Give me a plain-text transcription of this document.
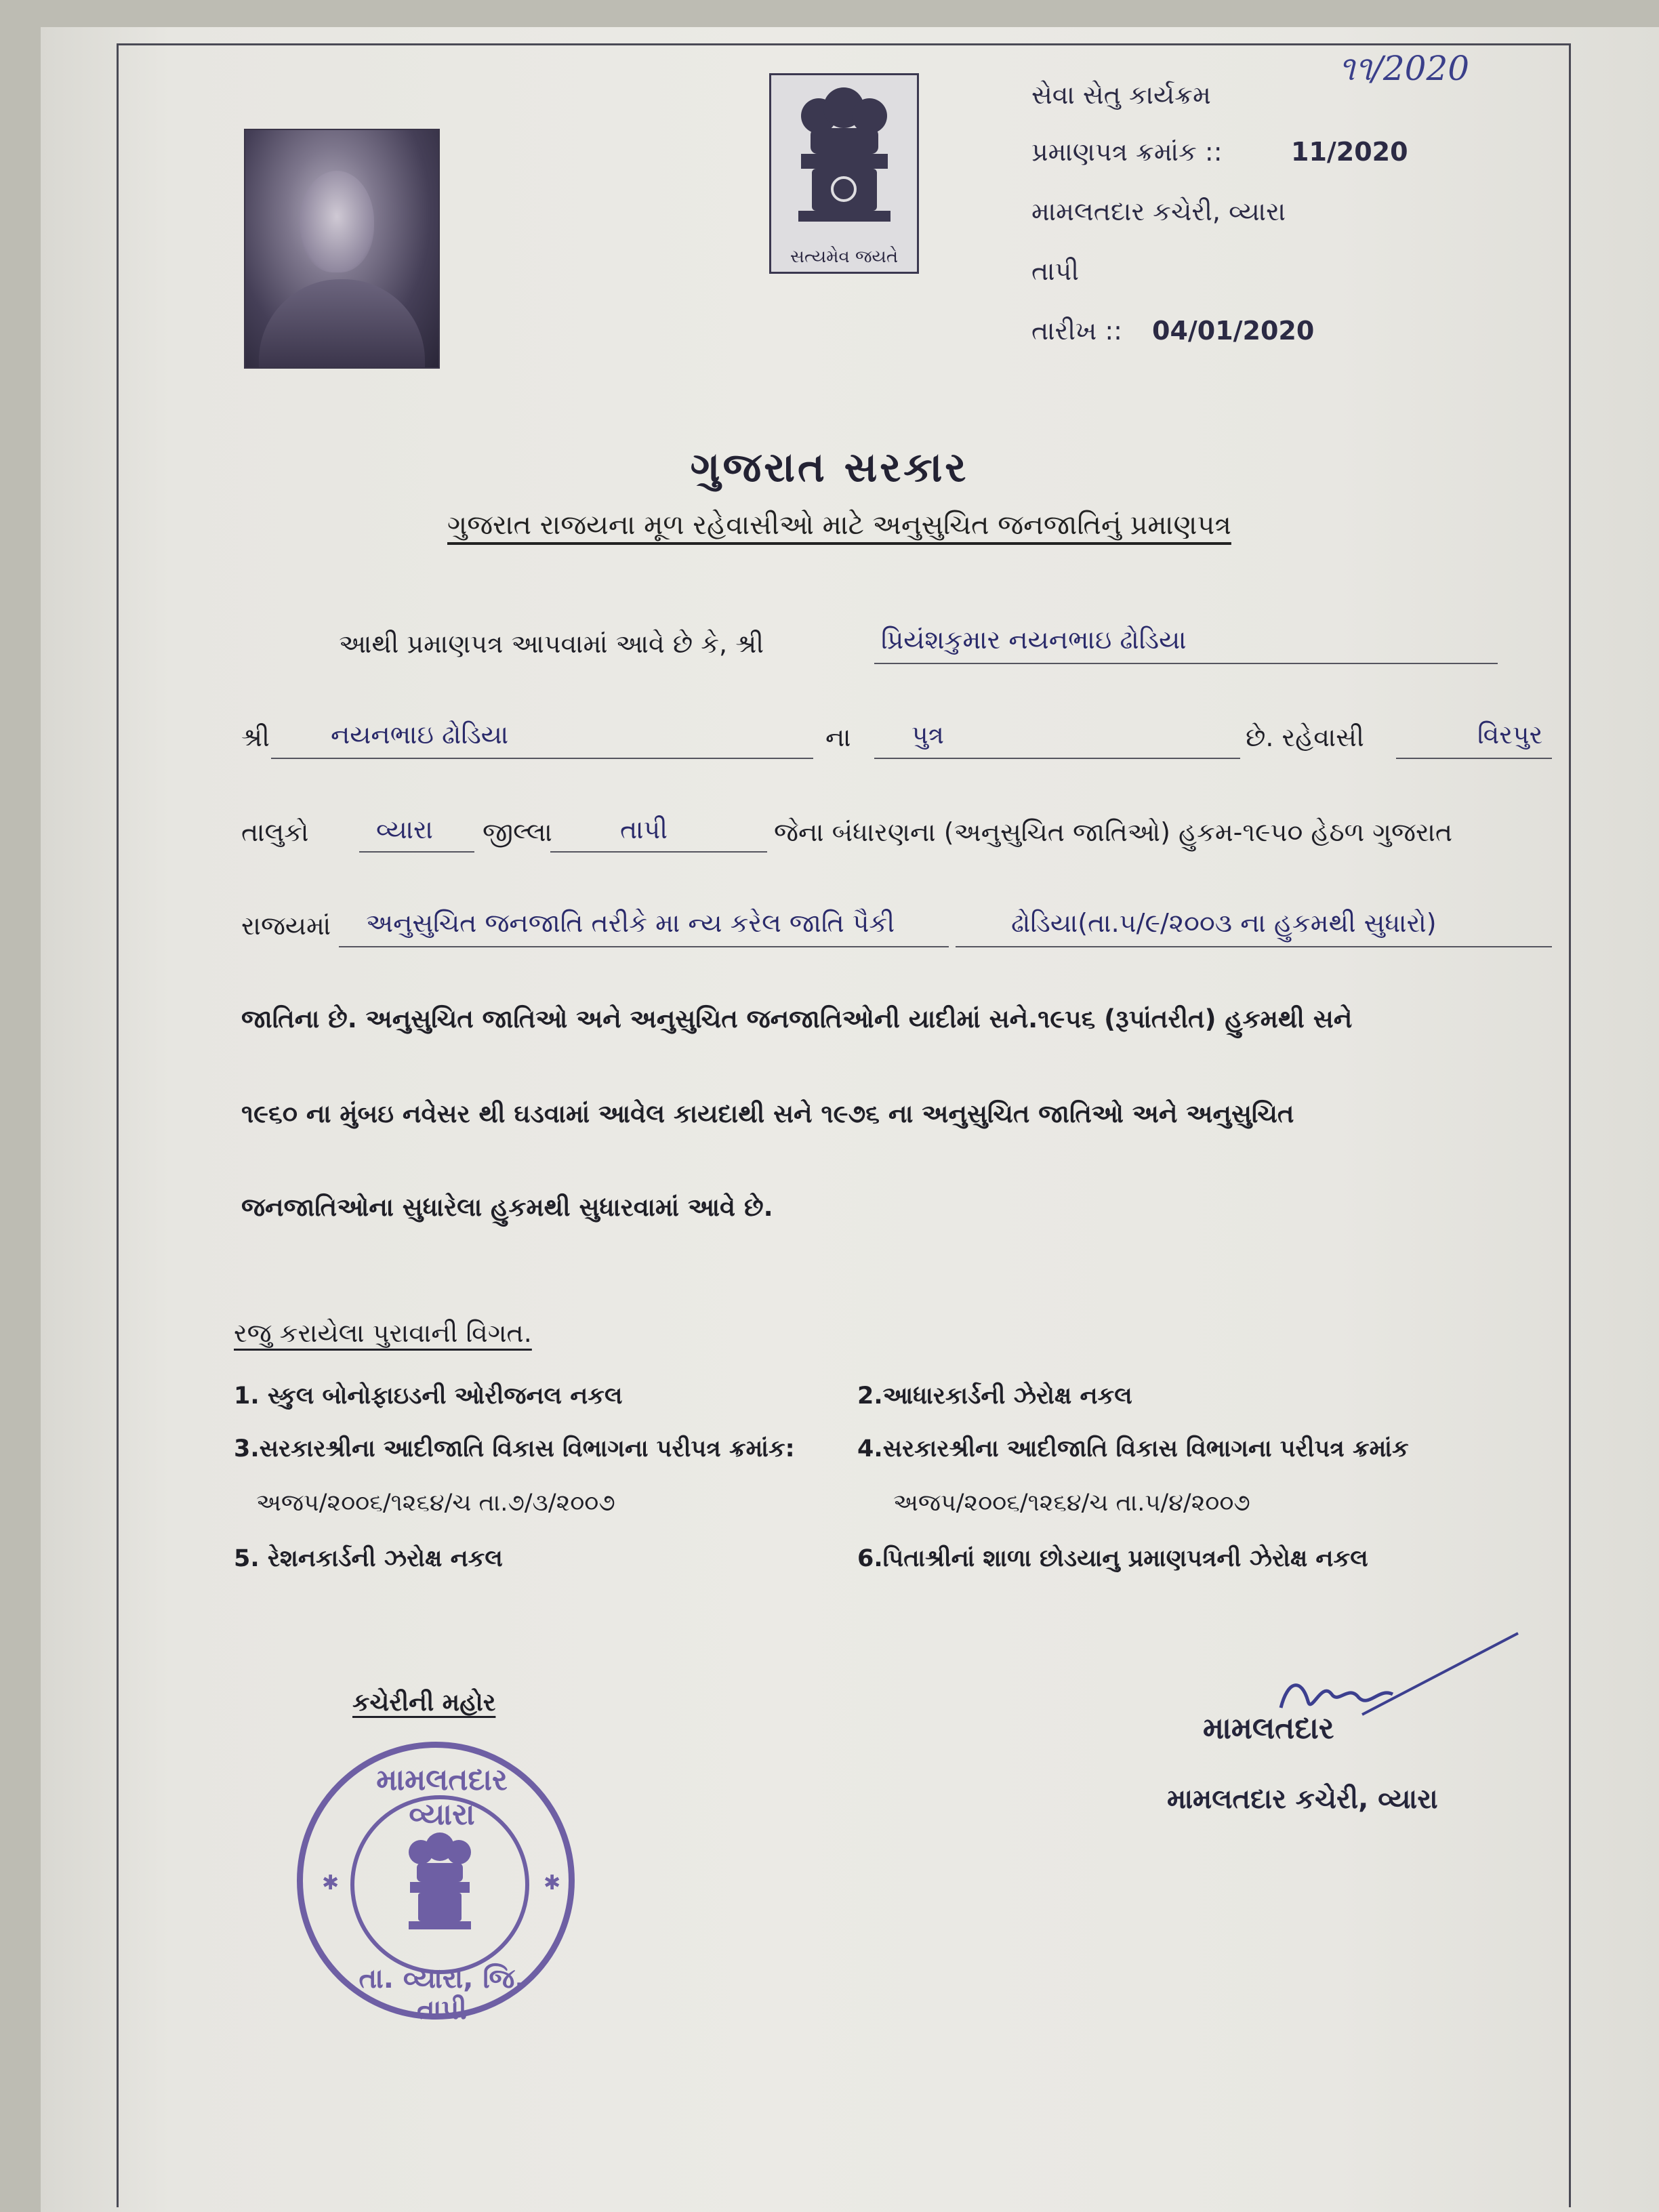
સત્યમેવ જયતે
૧૧/2020
સેવા સેતુ કાર્યક્રમ
પ્રમાણપત્ર ક્રમાંક ::	11/2020
મામલતદાર કચેરી, વ્યારા
તાપી
તારીખ :: 04/01/2020
ગુજરાત સરકાર
ગુજરાત રાજયના મૂળ રહેવાસીઓ માટે અનુસુચિત જનજાતિનું પ્રમાણપત્ર
આથી પ્રમાણપત્ર આપવામાં આવે છે કે, શ્રી	પ્રિયંશકુમાર નયનભાઇ ઢોડિયા
શ્રી નયનભાઇ ઢોડિયા	ના પુત્ર	છે. રહેવાસી	વિરપુર
તાલુકો	વ્યારા જીલ્લા	તાપી	જેના બંધારણના (અનુસુચિત જાતિઓ) હુકમ-૧૯૫૦ હેઠળ ગુજરાત
રાજયમાં અનુસુચિત જનજાતિ તરીકે મા ન્ય કરેલ જાતિ પૈકી	ઢોડિયા(તા.૫/૯/૨૦૦૩ ના હુકમથી સુધારો)
જાતિના છે. અનુસુચિત જાતિઓ અને અનુસુચિત જનજાતિઓની યાદીમાં સને.૧૯૫૬ (રૂપાંતરીત) હુકમથી સને
૧૯૬૦ ના મુંબઇ નવેસર થી ઘડવામાં આવેલ કાયદાથી સને ૧૯૭૬ ના અનુસુચિત જાતિઓ અને અનુસુચિત
જનજાતિઓના સુધારેલા હુકમથી સુધારવામાં આવે છે.
રજુ કરાયેલા પુરાવાની વિગત.
1. સ્કુલ બોનોફાઇડની ઓરીજનલ નકલ	2.આધારકાર્ડની ઝેરોક્ષ નકલ
3.સરકારશ્રીના આદીજાતિ વિકાસ વિભાગના પરીપત્ર ક્રમાંક:	4.સરકારશ્રીના આદીજાતિ વિકાસ વિભાગના પરીપત્ર ક્રમાંક
અજપ/૨૦૦૬/૧૨૬૪/ચ તા.૭/૩/૨૦૦૭	અજપ/૨૦૦૬/૧૨૬૪/ચ તા.૫/૪/૨૦૦૭
5. રેશનકાર્ડની ઝરોક્ષ નકલ	6.પિતાશ્રીનાં શાળા છોડયાનુ પ્રમાણપત્રની ઝેરોક્ષ નકલ
કચેરીની મહોર
મામલતદાર વ્યારા
✱	✱
તા. વ્યારા, જિ. તાપી
મામલતદાર
મામલતદાર કચેરી, વ્યારા
